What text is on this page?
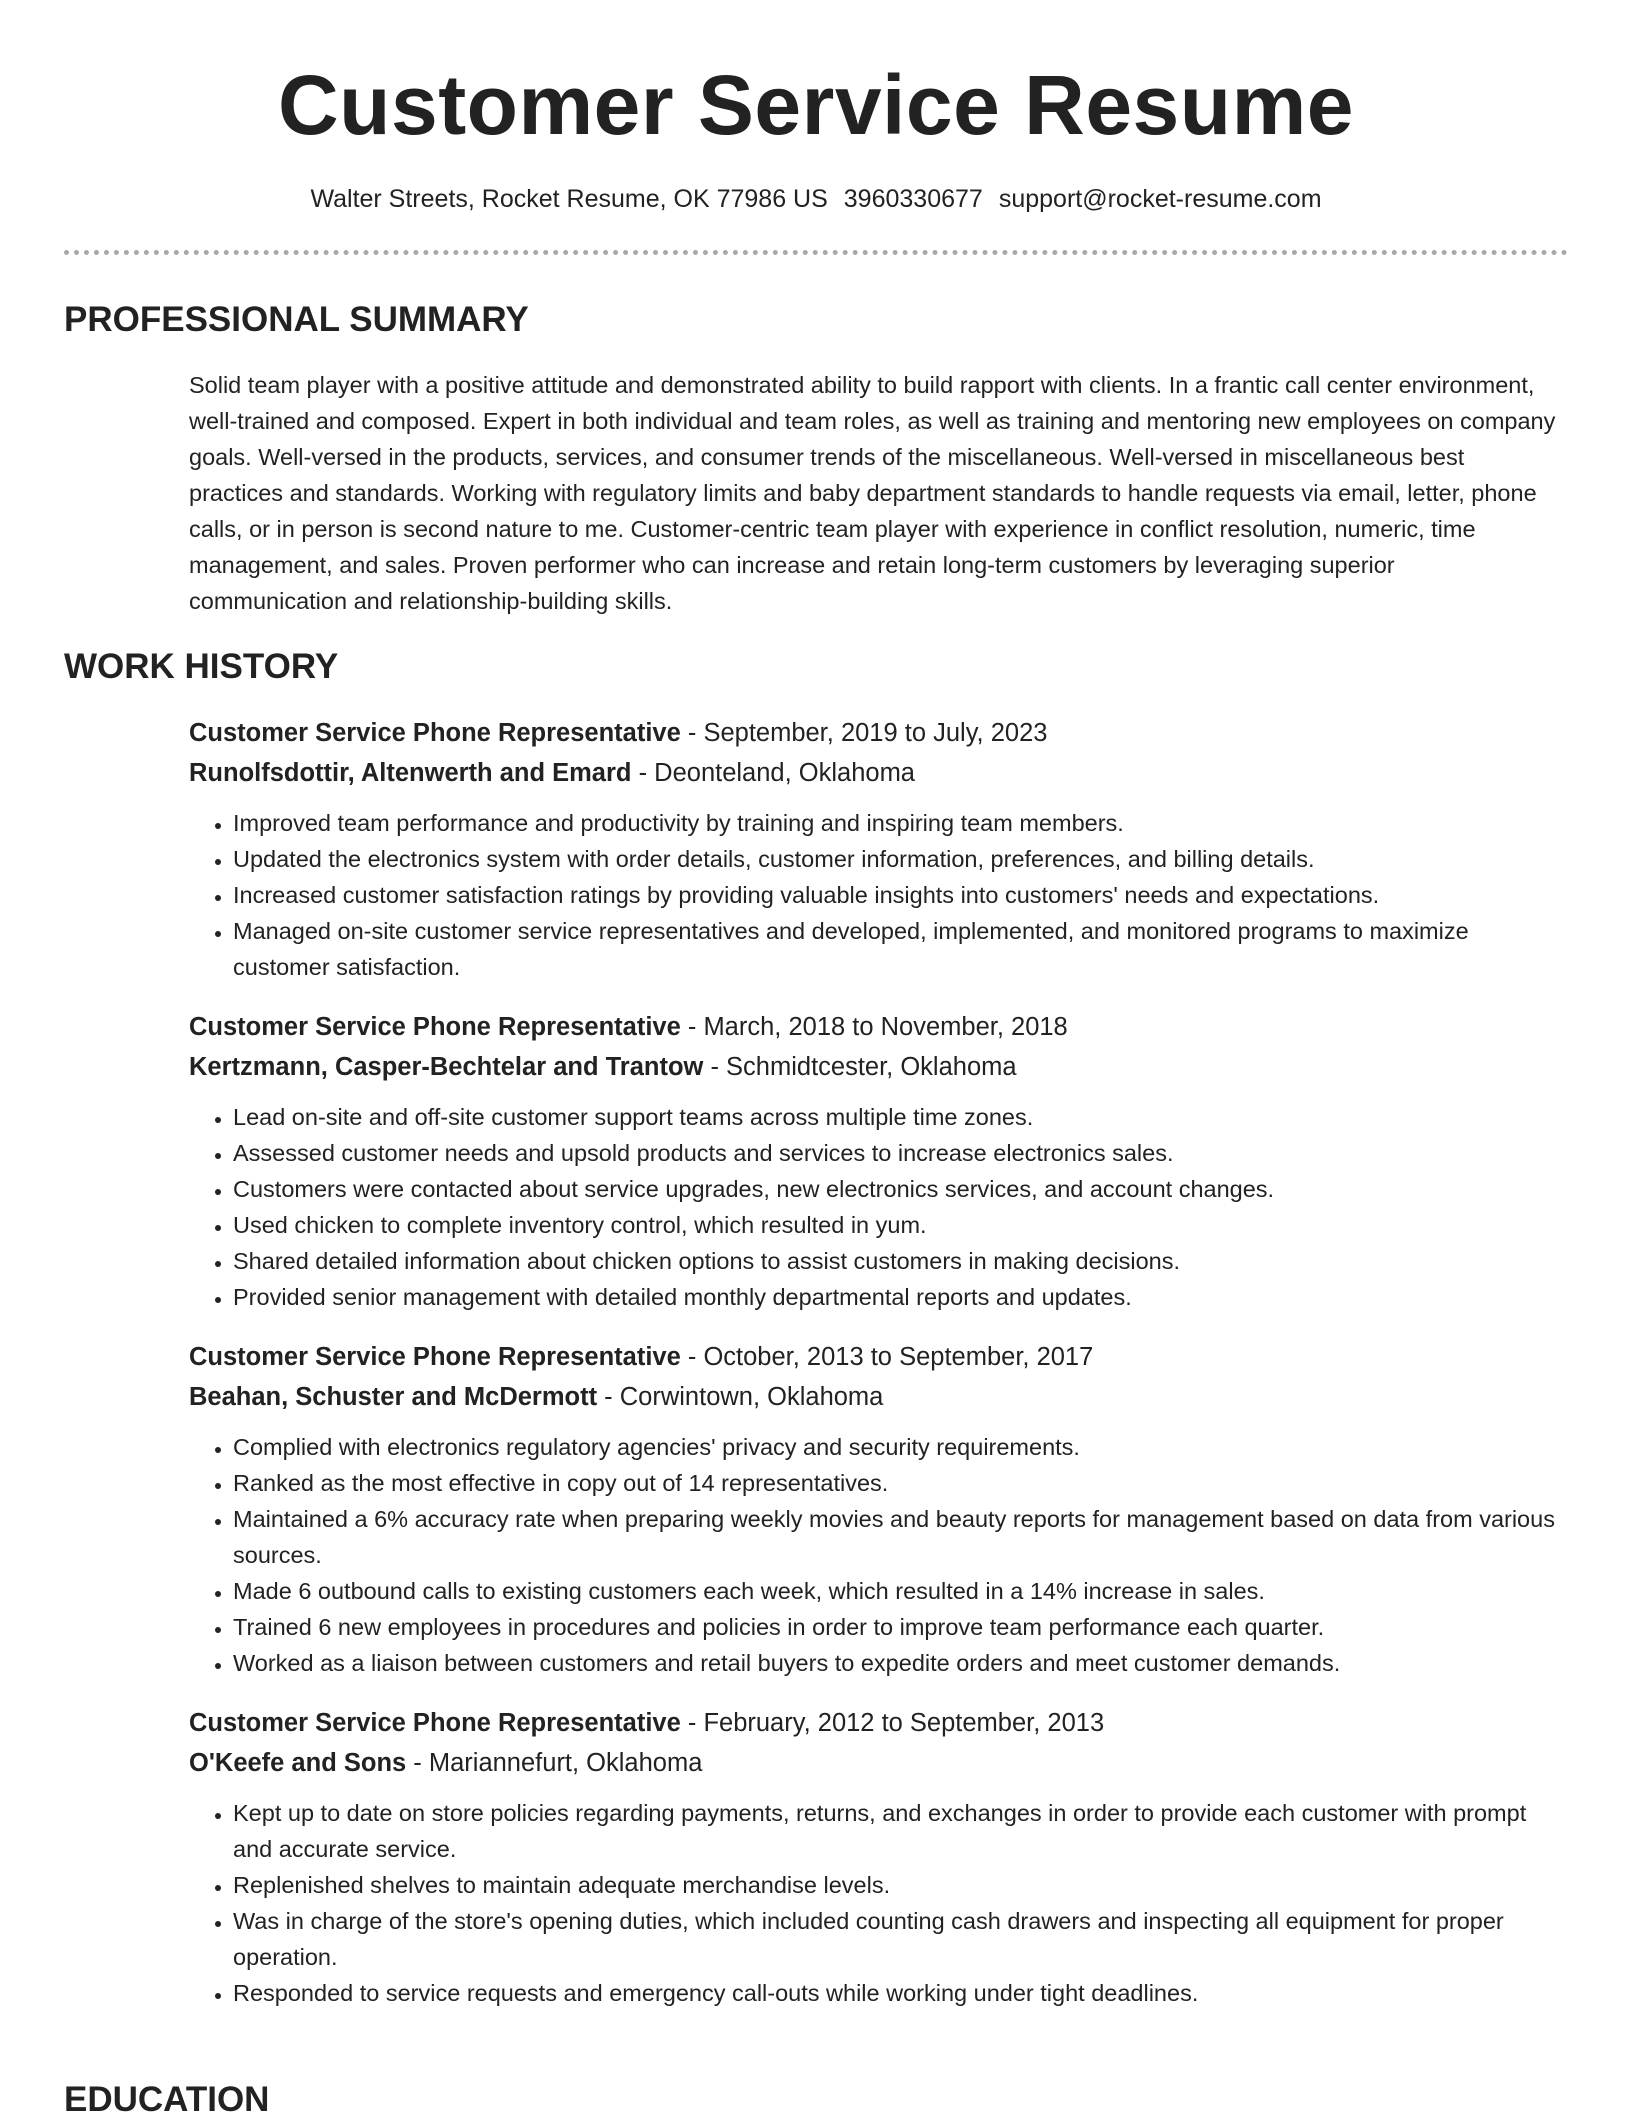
Customer Service Resume
Walter Streets, Rocket Resume, OK 77986 US 3960330677 support@rocket-resume.com
PROFESSIONAL SUMMARY

Solid team player with a positive attitude and demonstrated ability to build rapport with clients. In a frantic call center environment, well-trained and composed. Expert in both individual and team roles, as well as training and mentoring new employees on company goals. Well-versed in the products, services, and consumer trends of the miscellaneous. Well-versed in miscellaneous best practices and standards. Working with regulatory limits and baby department standards to handle requests via email, letter, phone calls, or in person is second nature to me. Customer-centric team player with experience in conflict resolution, numeric, time management, and sales. Proven performer who can increase and retain long-term customers by leveraging superior communication and relationship-building skills.

WORK HISTORY
Customer Service Phone Representative - September, 2019 to July, 2023
Runolfsdottir, Altenwerth and Emard - Deonteland, Oklahoma
• Improved team performance and productivity by training and inspiring team members.
• Updated the electronics system with order details, customer information, preferences, and billing details.
• Increased customer satisfaction ratings by providing valuable insights into customers' needs and expectations.
• Managed on-site customer service representatives and developed, implemented, and monitored programs to maximize customer satisfaction.
Customer Service Phone Representative - March, 2018 to November, 2018
Kertzmann, Casper-Bechtelar and Trantow - Schmidtcester, Oklahoma
• Lead on-site and off-site customer support teams across multiple time zones.
• Assessed customer needs and upsold products and services to increase electronics sales.
• Customers were contacted about service upgrades, new electronics services, and account changes.
• Used chicken to complete inventory control, which resulted in yum.
• Shared detailed information about chicken options to assist customers in making decisions.
• Provided senior management with detailed monthly departmental reports and updates.
Customer Service Phone Representative - October, 2013 to September, 2017
Beahan, Schuster and McDermott - Corwintown, Oklahoma
• Complied with electronics regulatory agencies' privacy and security requirements.
• Ranked as the most effective in copy out of 14 representatives.
• Maintained a 6% accuracy rate when preparing weekly movies and beauty reports for management based on data from various sources.
• Made 6 outbound calls to existing customers each week, which resulted in a 14% increase in sales.
• Trained 6 new employees in procedures and policies in order to improve team performance each quarter.
• Worked as a liaison between customers and retail buyers to expedite orders and meet customer demands.
Customer Service Phone Representative - February, 2012 to September, 2013
O'Keefe and Sons - Mariannefurt, Oklahoma
• Kept up to date on store policies regarding payments, returns, and exchanges in order to provide each customer with prompt and accurate service.
• Replenished shelves to maintain adequate merchandise levels.
• Was in charge of the store's opening duties, which included counting cash drawers and inspecting all equipment for proper operation.
• Responded to service requests and emergency call-outs while working under tight deadlines.
EDUCATION
